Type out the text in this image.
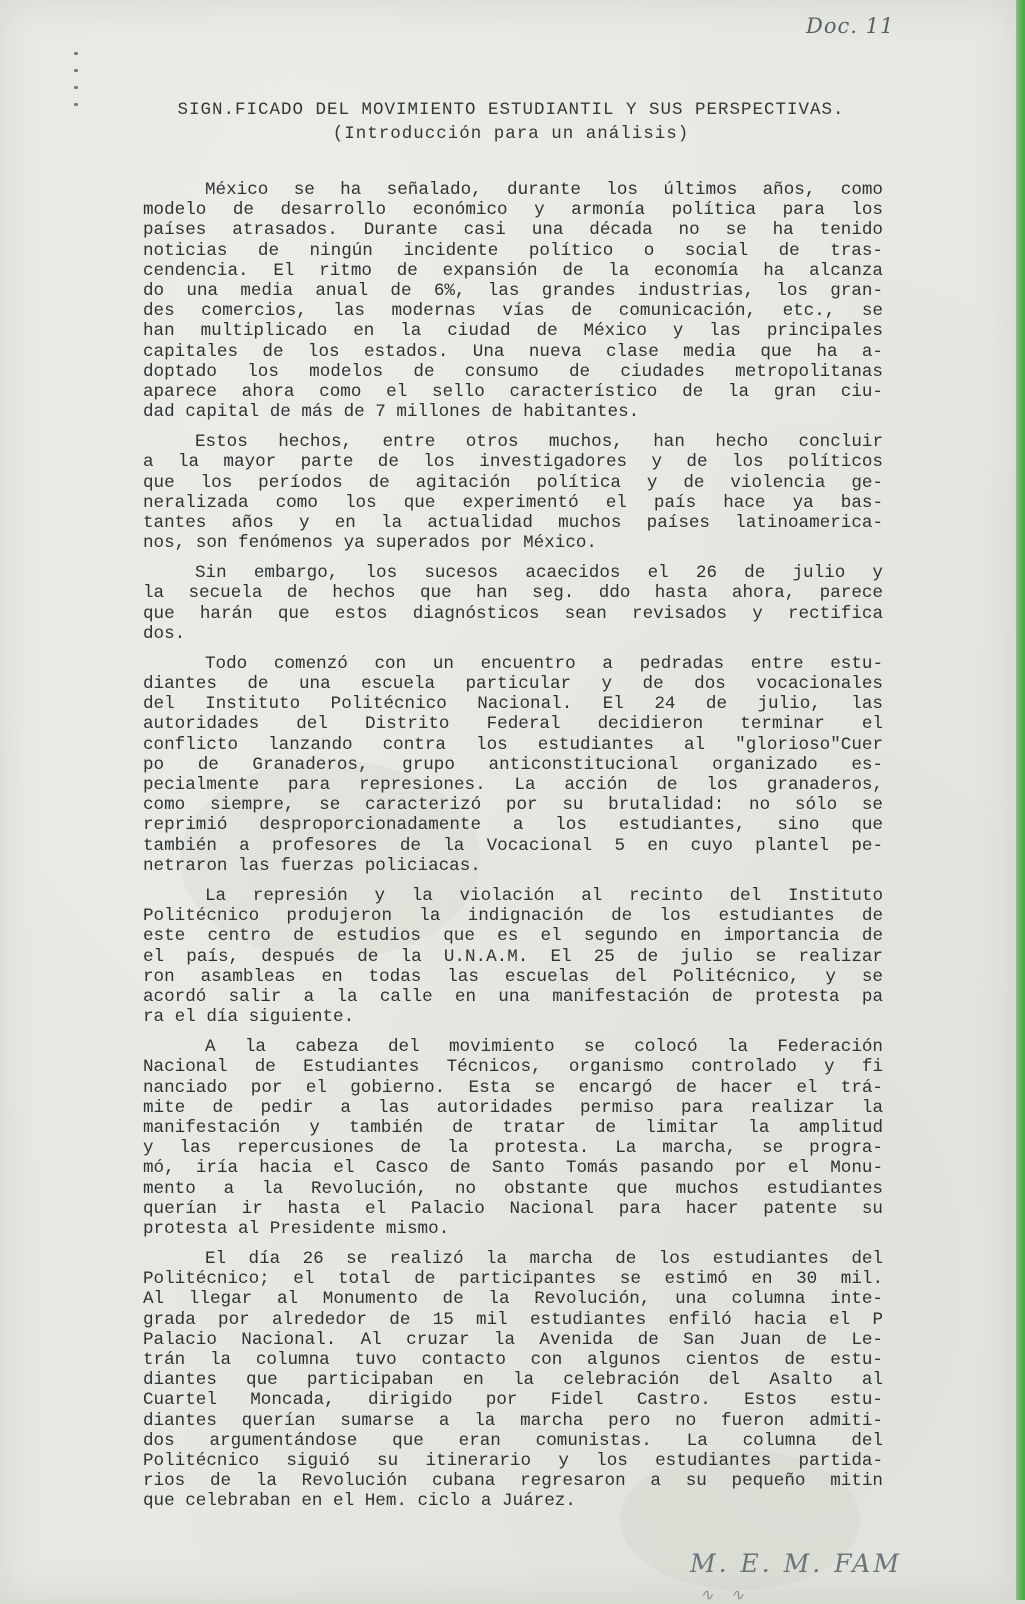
Doc. 11
SIGN.FICADO DEL MOVIMIENTO ESTUDIANTIL Y SUS PERSPECTIVAS.
(Introducción para un análisis)
México se ha señalado, durante los últimos años, como
modelo de desarrollo económico y armonía política para los
países atrasados. Durante casi una década no se ha tenido
noticias de ningún incidente político o social de tras-
cendencia. El ritmo de expansión de la economía ha alcanza
do una media anual de 6%, las grandes industrias, los gran-
des comercios, las modernas vías de comunicación, etc., se
han multiplicado en la ciudad de México y las principales
capitales de los estados. Una nueva clase media que ha a-
doptado los modelos de consumo de ciudades metropolitanas
aparece ahora como el sello característico de la gran ciu-
dad capital de más de 7 millones de habitantes.
Estos hechos, entre otros muchos, han hecho concluir
a la mayor parte de los investigadores y de los políticos
que los períodos de agitación política y de violencia ge-
neralizada como los que experimentó el país hace ya bas-
tantes años y en la actualidad muchos países latinoamerica-
nos, son fenómenos ya superados por México.
Sin embargo, los sucesos acaecidos el 26 de julio y
la secuela de hechos que han seg. ddo hasta ahora, parece
que harán que estos diagnósticos sean revisados y rectifica
dos.
Todo comenzó con un encuentro a pedradas entre estu-
diantes de una escuela particular y de dos vocacionales
del Instituto Politécnico Nacional. El 24 de julio, las
autoridades del Distrito Federal decidieron terminar el
conflicto lanzando contra los estudiantes al "glorioso"Cuer
po de Granaderos, grupo anticonstitucional organizado es-
pecialmente para represiones. La acción de los granaderos,
como siempre, se caracterizó por su brutalidad: no sólo se
reprimió desproporcionadamente a los estudiantes, sino que
también a profesores de la Vocacional 5 en cuyo plantel pe-
netraron las fuerzas policiacas.
La represión y la violación al recinto del Instituto
Politécnico produjeron la indignación de los estudiantes de
este centro de estudios que es el segundo en importancia de
el país, después de la U.N.A.M. El 25 de julio se realizar
ron asambleas en todas las escuelas del Politécnico, y se
acordó salir a la calle en una manifestación de protesta pa
ra el día siguiente.
A la cabeza del movimiento se colocó la Federación
Nacional de Estudiantes Técnicos, organismo controlado y fi
nanciado por el gobierno. Esta se encargó de hacer el trá-
mite de pedir a las autoridades permiso para realizar la
manifestación y también de tratar de limitar la amplitud
y las repercusiones de la protesta. La marcha, se progra-
mó, iría hacia el Casco de Santo Tomás pasando por el Monu-
mento a la Revolución, no obstante que muchos estudiantes
querían ir hasta el Palacio Nacional para hacer patente su
protesta al Presidente mismo.
El día 26 se realizó la marcha de los estudiantes del
Politécnico; el total de participantes se estimó en 30 mil.
Al llegar al Monumento de la Revolución, una columna inte-
grada por alrededor de 15 mil estudiantes enfiló hacia el P
Palacio Nacional. Al cruzar la Avenida de San Juan de Le-
trán la columna tuvo contacto con algunos cientos de estu-
diantes que participaban en la celebración del Asalto al
Cuartel Moncada, dirigido por Fidel Castro. Estos estu-
diantes querían sumarse a la marcha pero no fueron admiti-
dos argumentándose que eran comunistas. La columna del
Politécnico siguió su itinerario y los estudiantes partida-
rios de la Revolución cubana regresaron a su pequeño mitin
que celebraban en el Hem. ciclo a Juárez.
M. E. M. FAM
∿ ∿
